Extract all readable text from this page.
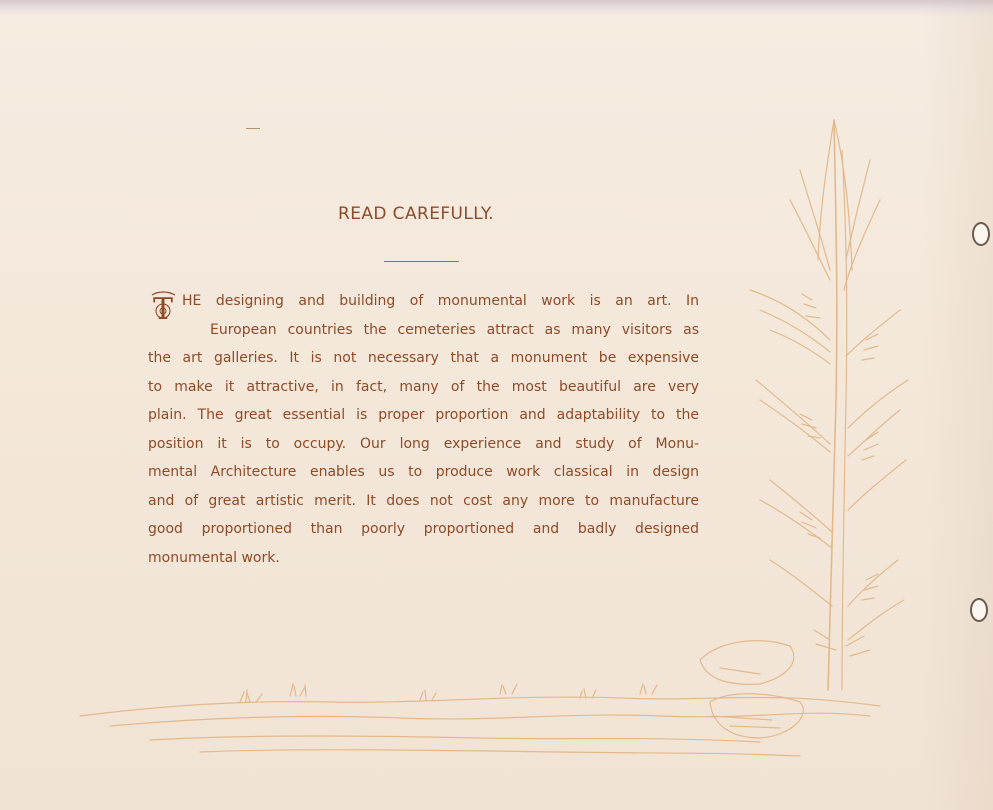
READ CAREFULLY.
T HE designing and building of monumental work is an art. In
European countries the cemeteries attract as many visitors as
the art galleries. It is not necessary that a monument be expensive
to make it attractive, in fact, many of the most beautiful are very
plain. The great essential is proper proportion and adaptability to the
position it is to occupy. Our long experience and study of Monu-
mental Architecture enables us to produce work classical in design
and of great artistic merit. It does not cost any more to manufacture
good proportioned than poorly proportioned and badly designed
monumental work.
